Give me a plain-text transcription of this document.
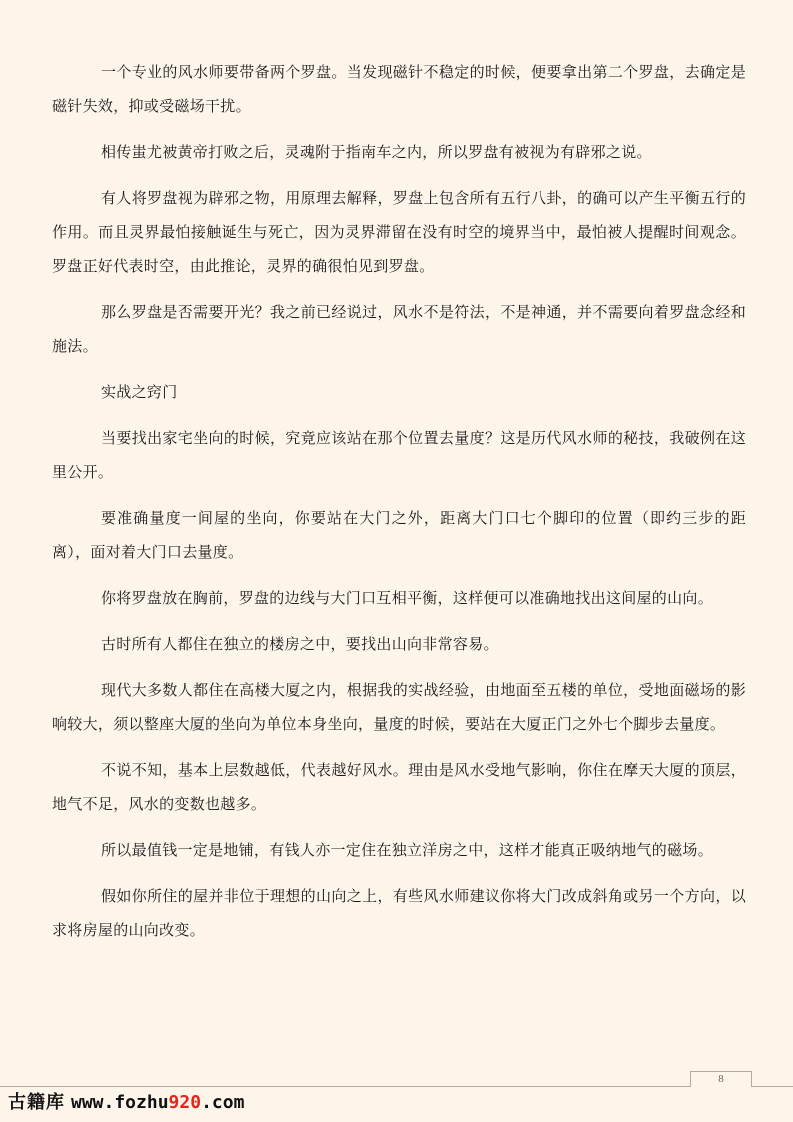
一个专业的风水师要带备两个罗盘。当发现磁针不稳定的时候，便要拿出第二个罗盘，去确定是磁针失效，抑或受磁场干扰。

相传蚩尤被黄帝打败之后，灵魂附于指南车之内，所以罗盘有被视为有辟邪之说。

有人将罗盘视为辟邪之物，用原理去解释，罗盘上包含所有五行八卦，的确可以产生平衡五行的作用。而且灵界最怕接触诞生与死亡，因为灵界滞留在没有时空的境界当中，最怕被人提醒时间观念。罗盘正好代表时空，由此推论，灵界的确很怕见到罗盘。

那么罗盘是否需要开光？我之前已经说过，风水不是符法，不是神通，并不需要向着罗盘念经和施法。

实战之窍门

当要找出家宅坐向的时候，究竟应该站在那个位置去量度？这是历代风水师的秘技，我破例在这里公开。

要准确量度一间屋的坐向，你要站在大门之外，距离大门口七个脚印的位置（即约三步的距离），面对着大门口去量度。

你将罗盘放在胸前，罗盘的边线与大门口互相平衡，这样便可以准确地找出这间屋的山向。

古时所有人都住在独立的楼房之中，要找出山向非常容易。

现代大多数人都住在高楼大厦之内，根据我的实战经验，由地面至五楼的单位，受地面磁场的影响较大，须以整座大厦的坐向为单位本身坐向，量度的时候，要站在大厦正门之外七个脚步去量度。

不说不知，基本上层数越低，代表越好风水。理由是风水受地气影响，你住在摩天大厦的顶层，地气不足，风水的变数也越多。

所以最值钱一定是地铺，有钱人亦一定住在独立洋房之中，这样才能真正吸纳地气的磁场。

假如你所住的屋并非位于理想的山向之上，有些风水师建议你将大门改成斜角或另一个方向，以求将房屋的山向改变。

8
古籍库 www.fozhu920.com
